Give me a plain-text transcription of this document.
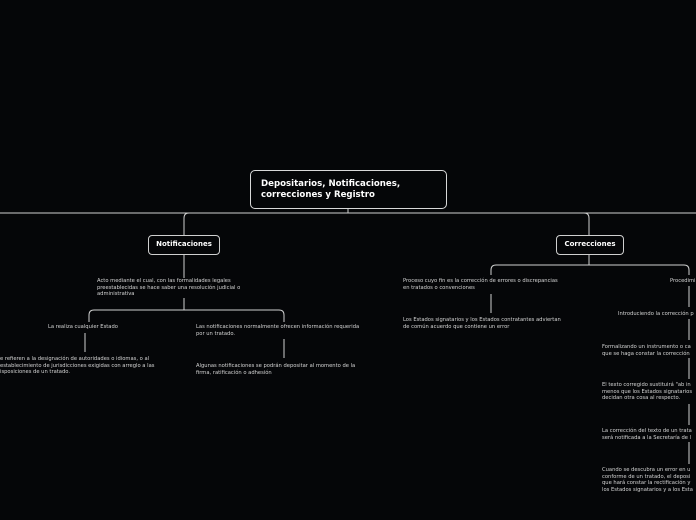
Depositarios, Notificaciones,
correcciones y Registro
Notificaciones
Acto mediante el cual, con las formalidades legales
preestablecidas se hace saber una resolución judicial o
administrativa
La realiza cualquier Estado
e refieren a la designación de autoridades o idiomas, o al
establecimiento de jurisdicciones exigidas con arreglo a las
isposiciones de un tratado.
Las notificaciones normalmente ofrecen información requerida
por un tratado.
Algunas notificaciones se podrán depositar al momento de la
firma, ratificación o adhesión
Correcciones
Proceso cuyo fin es la corrección de errores o discrepancias
en tratados o convenciones
Los Estados signatarios y los Estados contratantes adviertan
de común acuerdo que contiene un error
Procedimi
Introduciendo la corrección p
Formalizando un instrumento o ca
que se haga constar la corrección
El texto corregido sustituirá "ab in
menos que los Estados signatarios
decidan otra cosa al respecto.
La corrección del texto de un trata
será notificada a la Secretaría de l
Cuando se descubra un error en u
conforme de un tratado, el deposi
que hará constar la rectificación y
los Estados signatarios y a los Esta
